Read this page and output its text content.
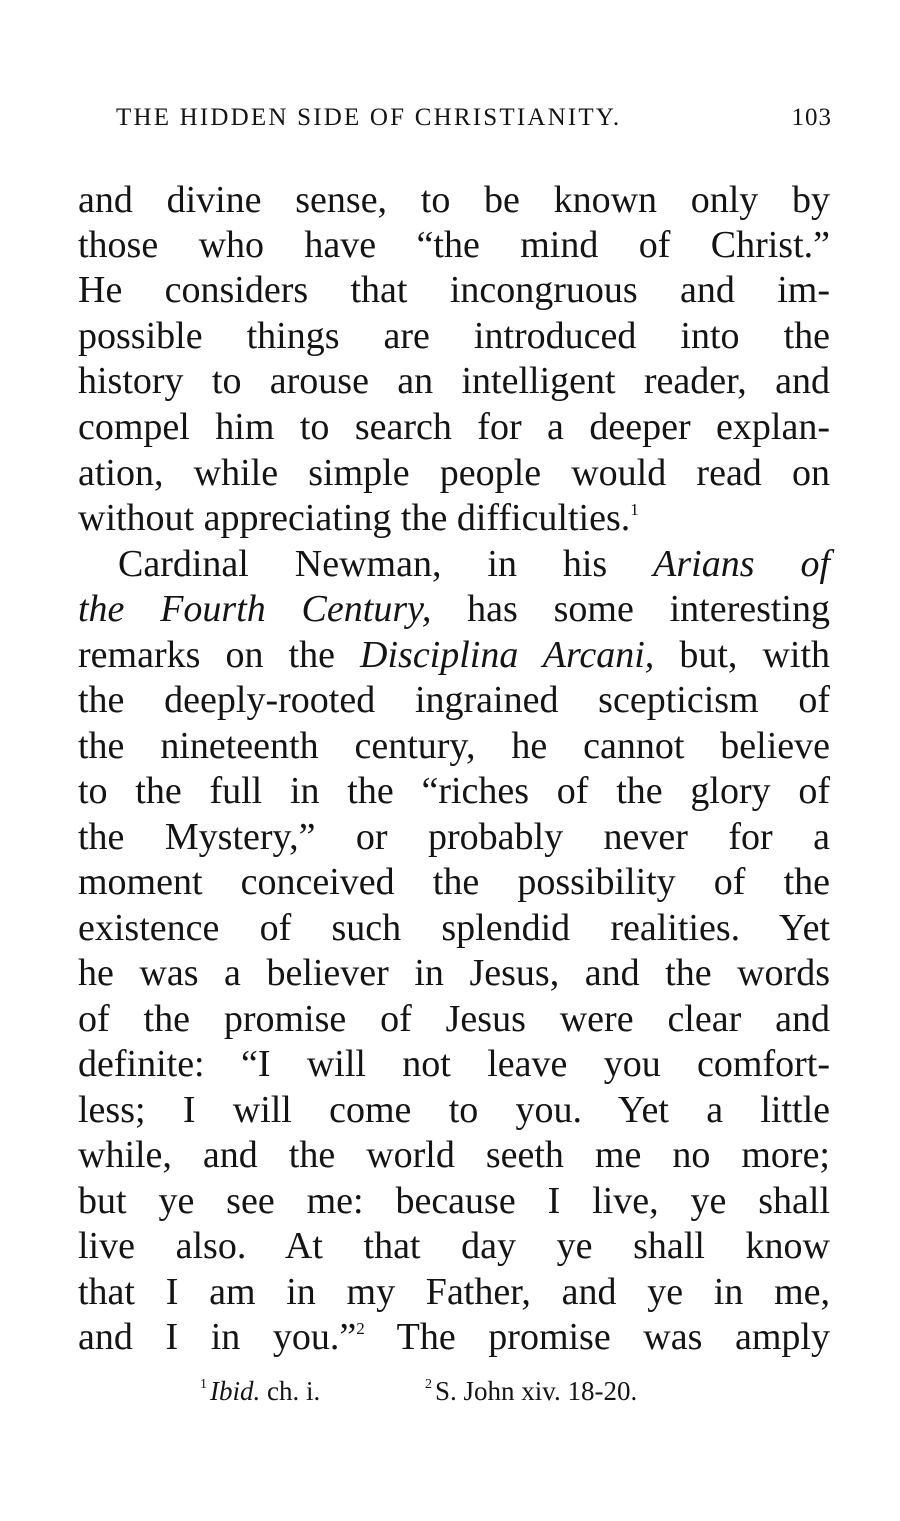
THE HIDDEN SIDE OF CHRISTIANITY.	103
and divine sense, to be known only by
those who have “the mind of Christ.”
He considers that incongruous and im-
possible things are introduced into the
history to arouse an intelligent reader, and
compel him to search for a deeper explan-
ation, while simple people would read on
without appreciating the difficulties.$^1$
Cardinal Newman, in his Arians of
the Fourth Century, has some interesting
remarks on the Disciplina Arcani, but, with
the deeply-rooted ingrained scepticism of
the nineteenth century, he cannot believe
to the full in the “riches of the glory of
the Mystery,” or probably never for a
moment conceived the possibility of the
existence of such splendid realities. Yet
he was a believer in Jesus, and the words
of the promise of Jesus were clear and
definite: “I will not leave you comfort-
less; I will come to you. Yet a little
while, and the world seeth me no more;
but ye see me: because I live, ye shall
live also. At that day ye shall know
that I am in my Father, and ye in me,
and I in you.”$^2$ The promise was amply
$^1$ Ibid. ch. i.	$^2$ S. John xiv. 18-20.
